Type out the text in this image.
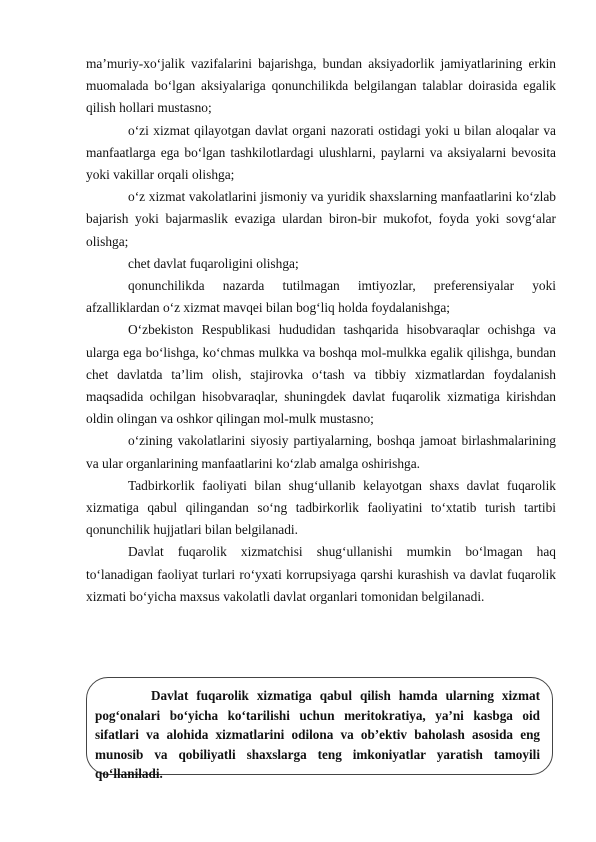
ma’muriy-xo‘jalik vazifalarini bajarishga, bundan aksiyadorlik jamiyatlarining erkin muomalada bo‘lgan aksiyalariga qonunchilikda belgilangan talablar doirasida egalik qilish hollari mustasno;

o‘zi xizmat qilayotgan davlat organi nazorati ostidagi yoki u bilan aloqalar va manfaatlarga ega bo‘lgan tashkilotlardagi ulushlarni, paylarni va aksiyalarni bevosita yoki vakillar orqali olishga;

o‘z xizmat vakolatlarini jismoniy va yuridik shaxslarning manfaatlarini ko‘zlab bajarish yoki bajarmaslik evaziga ulardan biron-bir mukofot, foyda yoki sovg‘alar olishga;

chet davlat fuqaroligini olishga;

qonunchilikda nazarda tutilmagan imtiyozlar, preferensiyalar yoki afzalliklardan o‘z xizmat mavqei bilan bog‘liq holda foydalanishga;

O‘zbekiston Respublikasi hududidan tashqarida hisobvaraqlar ochishga va ularga ega bo‘lishga, ko‘chmas mulkka va boshqa mol-mulkka egalik qilishga, bundan chet davlatda ta’lim olish, stajirovka o‘tash va tibbiy xizmatlardan foydalanish maqsadida ochilgan hisobvaraqlar, shuningdek davlat fuqarolik xizmatiga kirishdan oldin olingan va oshkor qilingan mol-mulk mustasno;

o‘zining vakolatlarini siyosiy partiyalarning, boshqa jamoat birlashmalarining va ular organlarining manfaatlarini ko‘zlab amalga oshirishga.

Tadbirkorlik faoliyati bilan shug‘ullanib kelayotgan shaxs davlat fuqarolik xizmatiga qabul qilingandan so‘ng tadbirkorlik faoliyatini to‘xtatib turish tartibi qonunchilik hujjatlari bilan belgilanadi.

Davlat fuqarolik xizmatchisi shug‘ullanishi mumkin bo‘lmagan haq to‘lanadigan faoliyat turlari ro‘yxati korrupsiyaga qarshi kurashish va davlat fuqarolik xizmati bo‘yicha maxsus vakolatli davlat organlari tomonidan belgilanadi.

Davlat fuqarolik xizmatiga qabul qilish hamda ularning xizmat pog‘onalari bo‘yicha ko‘tarilishi uchun meritokratiya, ya’ni kasbga oid sifatlari va alohida xizmatlarini odilona va ob’ektiv baholash asosida eng munosib va qobiliyatli shaxslarga teng imkoniyatlar yaratish tamoyili qo‘llaniladi.
